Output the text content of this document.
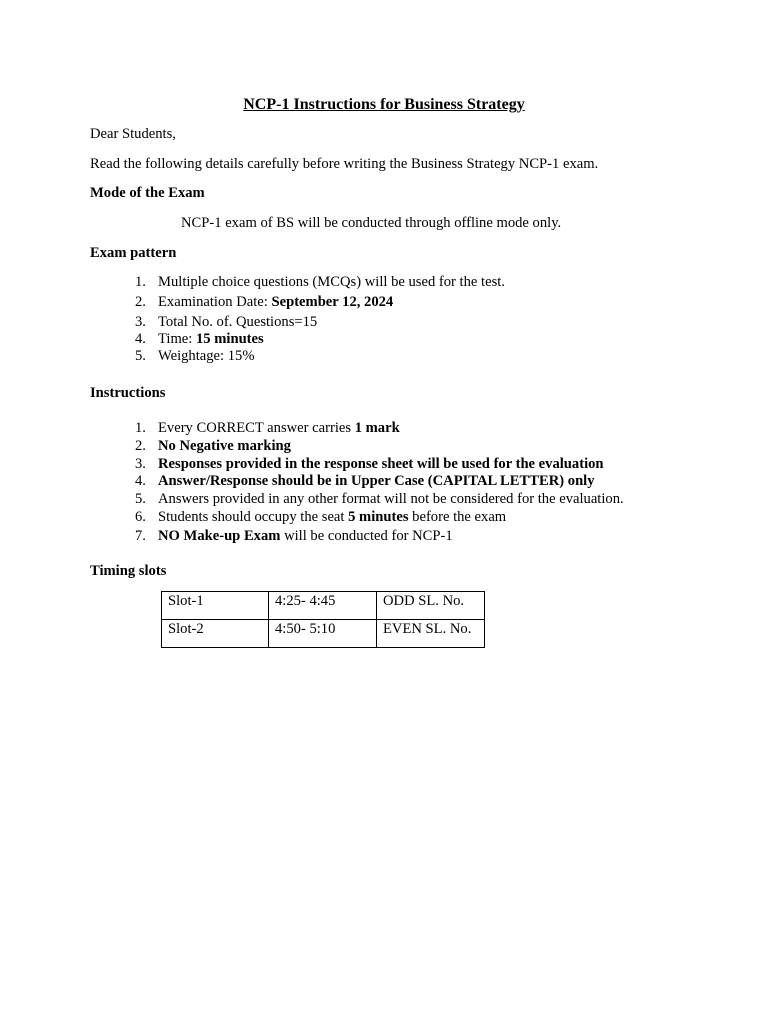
NCP-1 Instructions for Business Strategy
Dear Students,
Read the following details carefully before writing the Business Strategy NCP-1 exam.
Mode of the Exam
NCP-1 exam of BS will be conducted through offline mode only.
Exam pattern
1. Multiple choice questions (MCQs) will be used for the test.
2. Examination Date: September 12, 2024
3. Total No. of. Questions=15
4. Time: 15 minutes
5. Weightage: 15%
Instructions
1. Every CORRECT answer carries 1 mark
2. No Negative marking
3. Responses provided in the response sheet will be used for the evaluation
4. Answer/Response should be in Upper Case (CAPITAL LETTER) only
5. Answers provided in any other format will not be considered for the evaluation.
6. Students should occupy the seat 5 minutes before the exam
7. NO Make-up Exam will be conducted for NCP-1
Timing slots
Slot-1	4:25- 4:45	ODD SL. No.
Slot-2	4:50- 5:10	EVEN SL. No.
